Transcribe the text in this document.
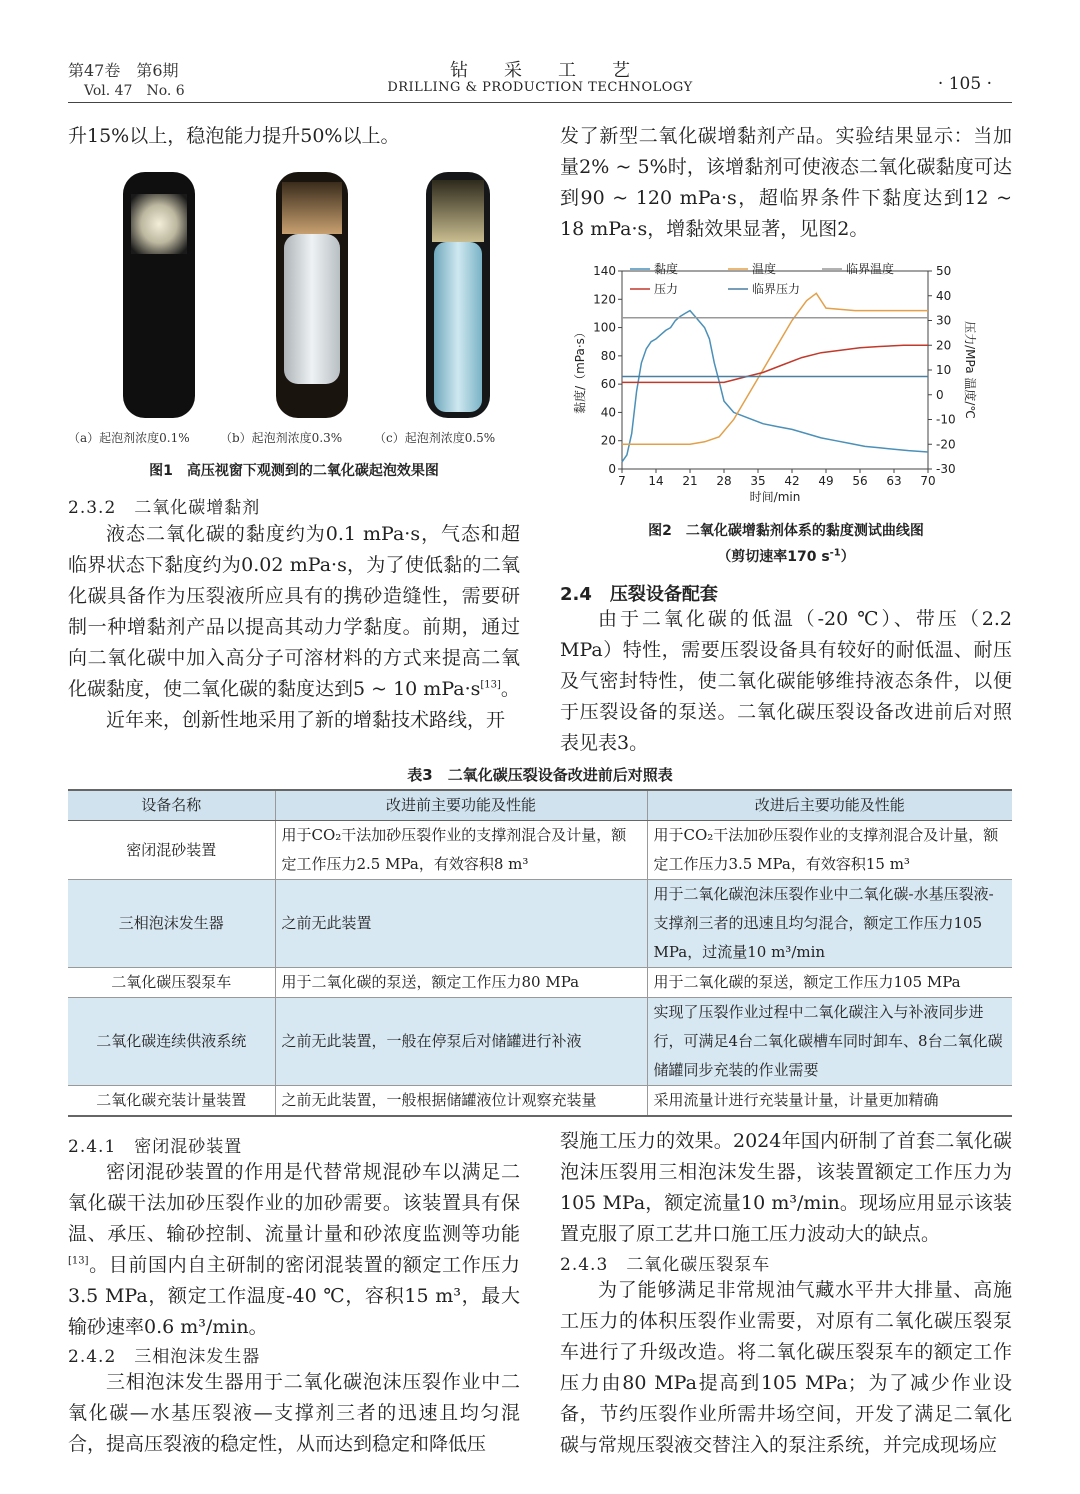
第47卷　第6期
Vol. 47　No. 6
钻　　采　　工　　艺
DRILLING & PRODUCTION TECHNOLOGY	· 105 ·
升15%以上，稳泡能力提升50%以上。
（a）起泡剂浓度0.1%	（b）起泡剂浓度0.3%	（c）起泡剂浓度0.5%
图1　高压视窗下观测到的二氧化碳起泡效果图
2.3.2　二氧化碳增黏剂

液态二氧化碳的黏度约为0.1 mPa·s，气态和超临界状态下黏度约为0.02 mPa·s，为了使低黏的二氧化碳具备作为压裂液所应具有的携砂造缝性，需要研制一种增黏剂产品以提高其动力学黏度。前期，通过向二氧化碳中加入高分子可溶材料的方式来提高二氧化碳黏度，使二氧化碳的黏度达到5 ~ 10 mPa·s[13]。

近年来，创新性地采用了新的增黏技术路线，开

发了新型二氧化碳增黏剂产品。实验结果显示：当加量2% ~ 5%时，该增黏剂可使液态二氧化碳黏度可达到90 ~ 120 mPa·s，超临界条件下黏度达到12 ~ 18 mPa·s，增黏效果显著，见图2。
7 14 21 28 35 42 49 56 63 70
0
20
40
60
80
100
120
140
-30
-20
-10
0
10
20
30
40
50
时间/min
黏度/（mPa·s）	压力/MPa 温度/℃
黏度	温度	临界温度
压力	临界压力
图2　二氧化碳增黏剂体系的黏度测试曲线图
（剪切速率170 $s^{-1}$）
2.4　压裂设备配套
由于二氧化碳的低温（-20 ℃）、带压（2.2 MPa）特性，需要压裂设备具有较好的耐低温、耐压及气密封特性，使二氧化碳能够维持液态条件，以便于压裂设备的泵送。二氧化碳压裂设备改进前后对照表见表3。
表3　二氧化碳压裂设备改进前后对照表
设备名称	改进前主要功能及性能	改进后主要功能及性能
密闭混砂装置	用于CO₂干法加砂压裂作业的支撑剂混合及计量，额定工作压力2.5 MPa，有效容积8 m³	用于CO₂干法加砂压裂作业的支撑剂混合及计量，额定工作压力3.5 MPa，有效容积15 m³
三相泡沫发生器	之前无此装置	用于二氧化碳泡沫压裂作业中二氧化碳-水基压裂液-支撑剂三者的迅速且均匀混合，额定工作压力105 MPa，过流量10 m³/min
二氧化碳压裂泵车	用于二氧化碳的泵送，额定工作压力80 MPa	用于二氧化碳的泵送，额定工作压力105 MPa
二氧化碳连续供液系统	之前无此装置，一般在停泵后对储罐进行补液	实现了压裂作业过程中二氧化碳注入与补液同步进行，可满足4台二氧化碳槽车同时卸车、8台二氧化碳储罐同步充装的作业需要
二氧化碳充装计量装置	之前无此装置，一般根据储罐液位计观察充装量	采用流量计进行充装量计量，计量更加精确
2.4.1　密闭混砂装置
密闭混砂装置的作用是代替常规混砂车以满足二氧化碳干法加砂压裂作业的加砂需要。该装置具有保温、承压、输砂控制、流量计量和砂浓度监测等功能[13]。目前国内自主研制的密闭混装置的额定工作压力3.5 MPa，额定工作温度-40 ℃，容积15 m³，最大输砂速率0.6 m³/min。
2.4.2　三相泡沫发生器
三相泡沫发生器用于二氧化碳泡沫压裂作业中二氧化碳—水基压裂液—支撑剂三者的迅速且均匀混合，提高压裂液的稳定性，从而达到稳定和降低压
裂施工压力的效果。2024年国内研制了首套二氧化碳泡沫压裂用三相泡沫发生器，该装置额定工作压力为105 MPa，额定流量10 m³/min。现场应用显示该装置克服了原工艺井口施工压力波动大的缺点。
2.4.3　二氧化碳压裂泵车
为了能够满足非常规油气藏水平井大排量、高施工压力的体积压裂作业需要，对原有二氧化碳压裂泵车进行了升级改造。将二氧化碳压裂泵车的额定工作压力由80 MPa提高到105 MPa；为了减少作业设备，节约压裂作业所需井场空间，开发了满足二氧化碳与常规压裂液交替注入的泵注系统，并完成现场应
